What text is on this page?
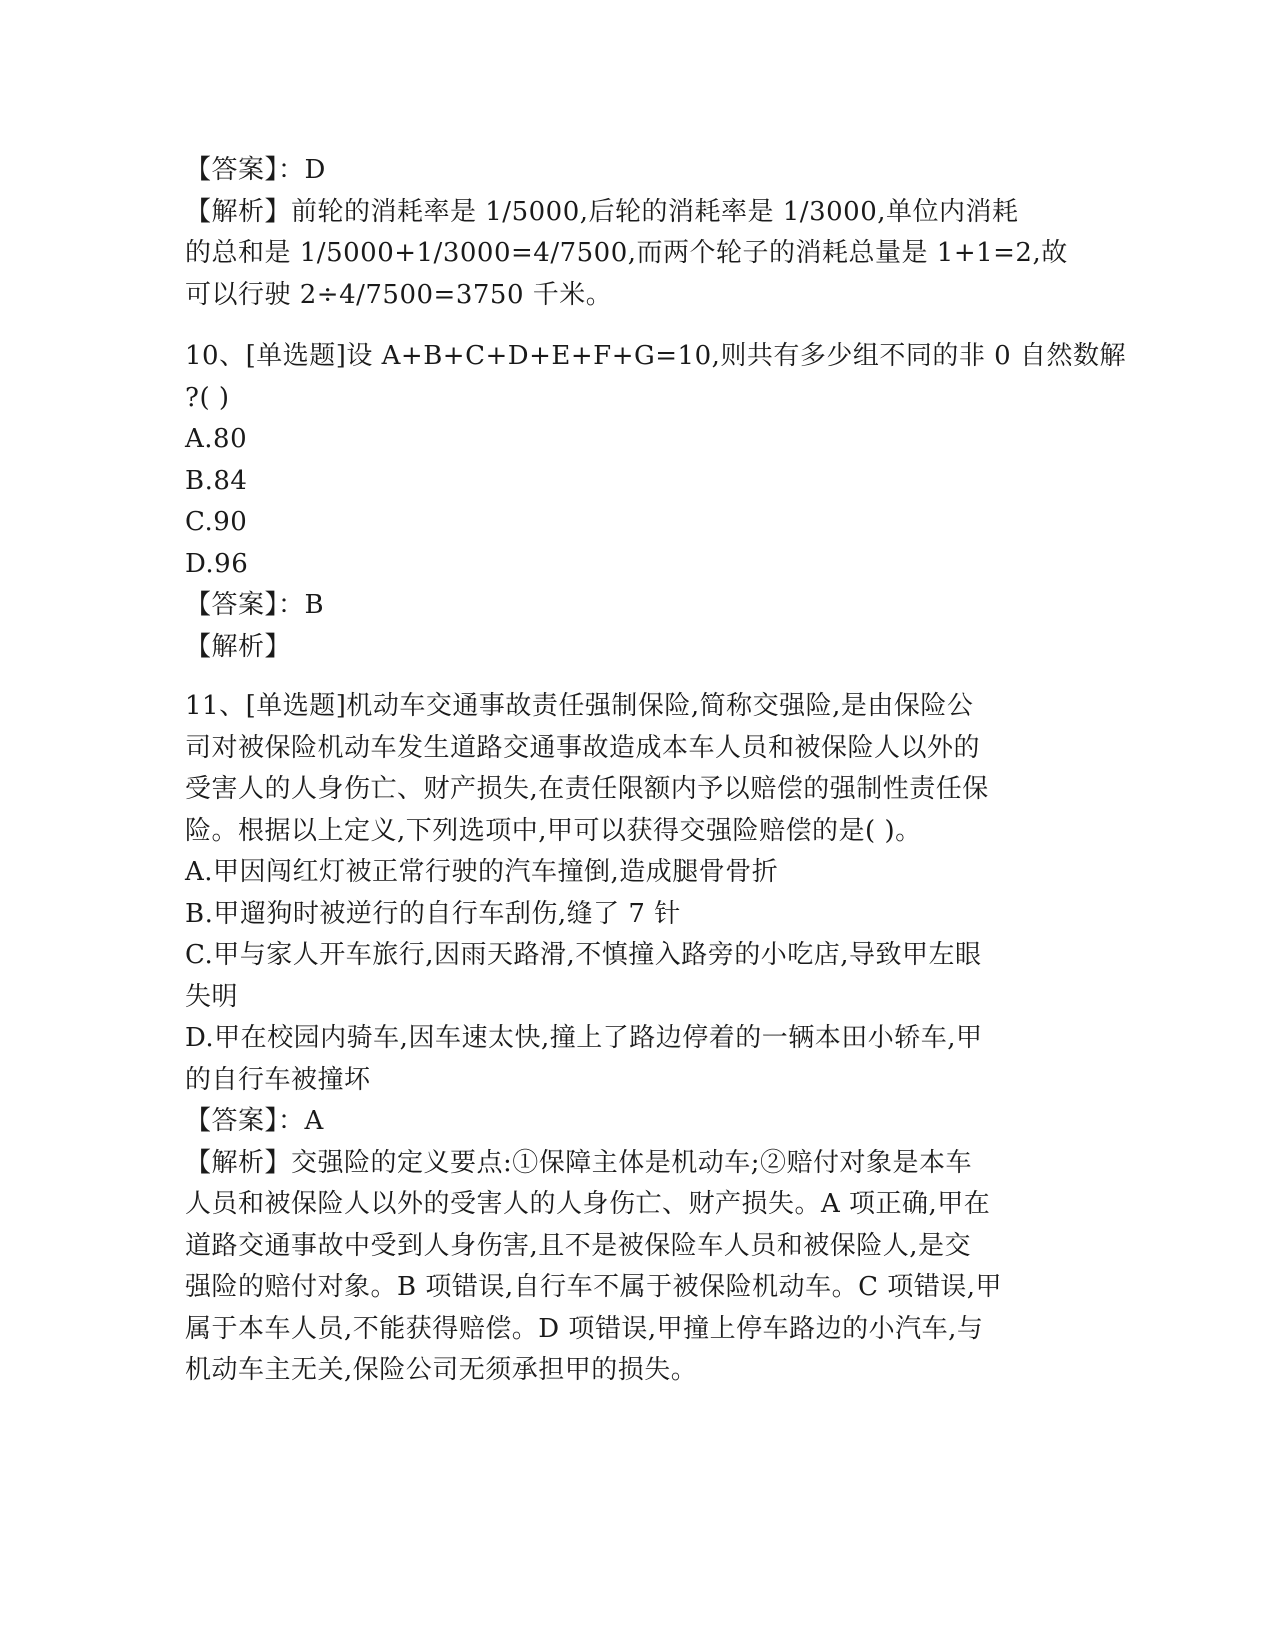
【答案】：D
【解析】前轮的消耗率是 1/5000,后轮的消耗率是 1/3000,单位内消耗
的总和是 1/5000+1/3000=4/7500,而两个轮子的消耗总量是 1+1=2,故
可以行驶 2÷4/7500=3750 千米。
10、[单选题]设 A+B+C+D+E+F+G=10,则共有多少组不同的非 0 自然数解
?( )
A.80
B.84
C.90
D.96
【答案】：B
【解析】
11、[单选题]机动车交通事故责任强制保险,简称交强险,是由保险公
司对被保险机动车发生道路交通事故造成本车人员和被保险人以外的
受害人的人身伤亡、财产损失,在责任限额内予以赔偿的强制性责任保
险。根据以上定义,下列选项中,甲可以获得交强险赔偿的是( )。
A.甲因闯红灯被正常行驶的汽车撞倒,造成腿骨骨折
B.甲遛狗时被逆行的自行车刮伤,缝了 7 针
C.甲与家人开车旅行,因雨天路滑,不慎撞入路旁的小吃店,导致甲左眼
失明
D.甲在校园内骑车,因车速太快,撞上了路边停着的一辆本田小轿车,甲
的自行车被撞坏
【答案】：A
【解析】交强险的定义要点:①保障主体是机动车;②赔付对象是本车
人员和被保险人以外的受害人的人身伤亡、财产损失。A 项正确,甲在
道路交通事故中受到人身伤害,且不是被保险车人员和被保险人,是交
强险的赔付对象。B 项错误,自行车不属于被保险机动车。C 项错误,甲
属于本车人员,不能获得赔偿。D 项错误,甲撞上停车路边的小汽车,与
机动车主无关,保险公司无须承担甲的损失。
